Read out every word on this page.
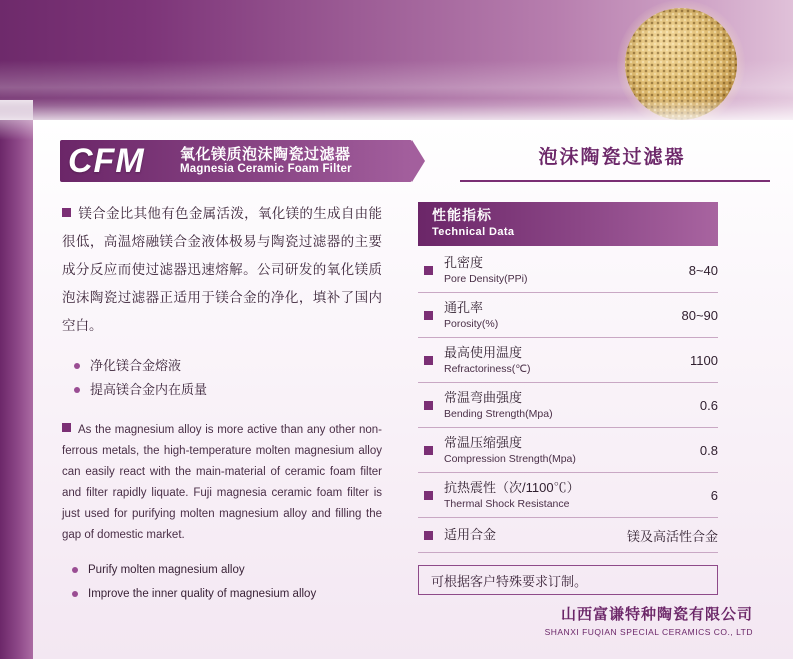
CFM 氧化镁质泡沫陶瓷过滤器
Magnesia Ceramic Foam Filter
泡沫陶瓷过滤器

镁合金比其他有色金属活泼，氧化镁的生成自由能很低，高温熔融镁合金液体极易与陶瓷过滤器的主要成分反应而使过滤器迅速熔解。公司研发的氧化镁质泡沫陶瓷过滤器正适用于镁合金的净化，填补了国内空白。

净化镁合金熔液
提高镁合金内在质量

As the magnesium alloy is more active than any other non-ferrous metals, the high-temperature molten magnesium alloy can easily react with the main-material of ceramic foam filter and filter rapidly liquate. Fuji magnesia ceramic foam filter is just used for purifying molten magnesium alloy and filling the gap of domestic market.

Purify molten magnesium alloy
Improve the inner quality of magnesium alloy
性能指标
Technical Data

	孔密度
Pore Density(PPi)	8~40

	通孔率
Porosity(%)	80~90

	最高使用温度
Refractoriness(℃)	1100

	常温弯曲强度
Bending Strength(Mpa)	0.6

	常温压缩强度
Compression Strength(Mpa)	0.8

	抗热震性（次/1100℃）
Thermal Shock Resistance	6

	适用合金	镁及高活性合金
可根据客户特殊要求订制。
山西富谦特种陶瓷有限公司
SHANXI FUQIAN SPECIAL CERAMICS CO., LTD
